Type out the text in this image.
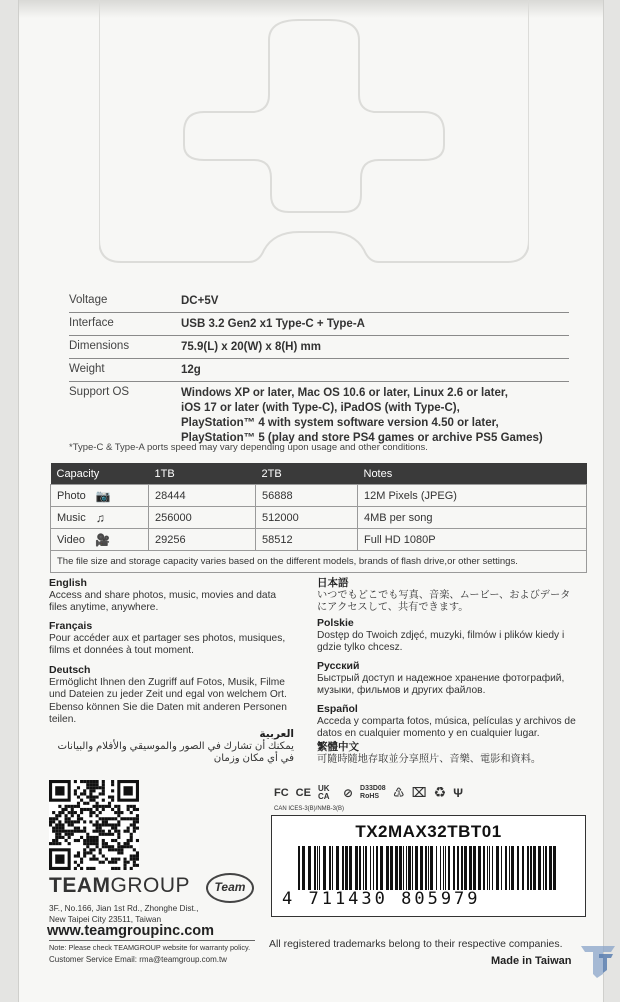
Voltage	DC+5V
Interface	USB 3.2 Gen2 x1 Type-C + Type-A
Dimensions	75.9(L) x 20(W) x 8(H) mm
Weight	12g
Support OS	Windows XP or later, Mac OS 10.6 or later, Linux 2.6 or later,
iOS 17 or later (with Type-C), iPadOS (with Type-C),
PlayStation™ 4 with system software version 4.50 or later,
PlayStation™ 5 (play and store PS4 games or archive PS5 Games)
*Type-C & Type-A ports speed may vary depending upon usage and other conditions.
Capacity	1TB	2TB	Notes
Photo 📷	28444	56888	12M Pixels (JPEG)
Music ♫	256000	512000	4MB per song
Video 🎥	29256	58512	Full HD 1080P
The file size and storage capacity varies based on the different models, brands of flash drive,or other settings.			
English

Access and share photos, music, movies and data files anytime, anywhere.

Français

Pour accéder aux et partager ses photos, musiques, films et données à tout moment.

Deutsch

Ermöglicht Ihnen den Zugriff auf Fotos, Musik, Filme und Dateien zu jeder Zeit und egal von welchem Ort. Ebenso können Sie die Daten mit anderen Personen teilen.

العربية

يمكنك أن تشارك في الصور والموسيقي والأفلام والبيانات في أي مكان وزمان

日本語

いつでもどこでも写真、音楽、ムービー、およびデータにアクセスして、共有できます。

Polskie

Dostęp do Twoich zdjęć, muzyki, filmów i plików kiedy i gdzie tylko chcesz.

Русский

Быстрый доступ и надежное хранение фотографий, музыки, фильмов и других файлов.

Español

Acceda y comparta fotos, música, películas y archivos de datos en cualquier momento y en cualquier lugar.

繁體中文

可隨時隨地存取並分享照片、音樂、電影和資料。

TEAMGROUP	Team
3F., No.166, Jian 1st Rd., Zhonghe Dist.,
New Taipei City 23511, Taiwan
www.teamgroupinc.com
Note: Please check TEAMGROUP website for warranty policy.
Customer Service Email: rma@teamgroup.com.tw
FC CE UK CA	⊘ D33D08 RoHS	♳ ⌧ ♻ Ψ
CAN ICES-3(B)/NMB-3(B)
TX2MAX32TBT01
4 711430 805979
All registered trademarks belong to their respective companies.
Made in Taiwan
